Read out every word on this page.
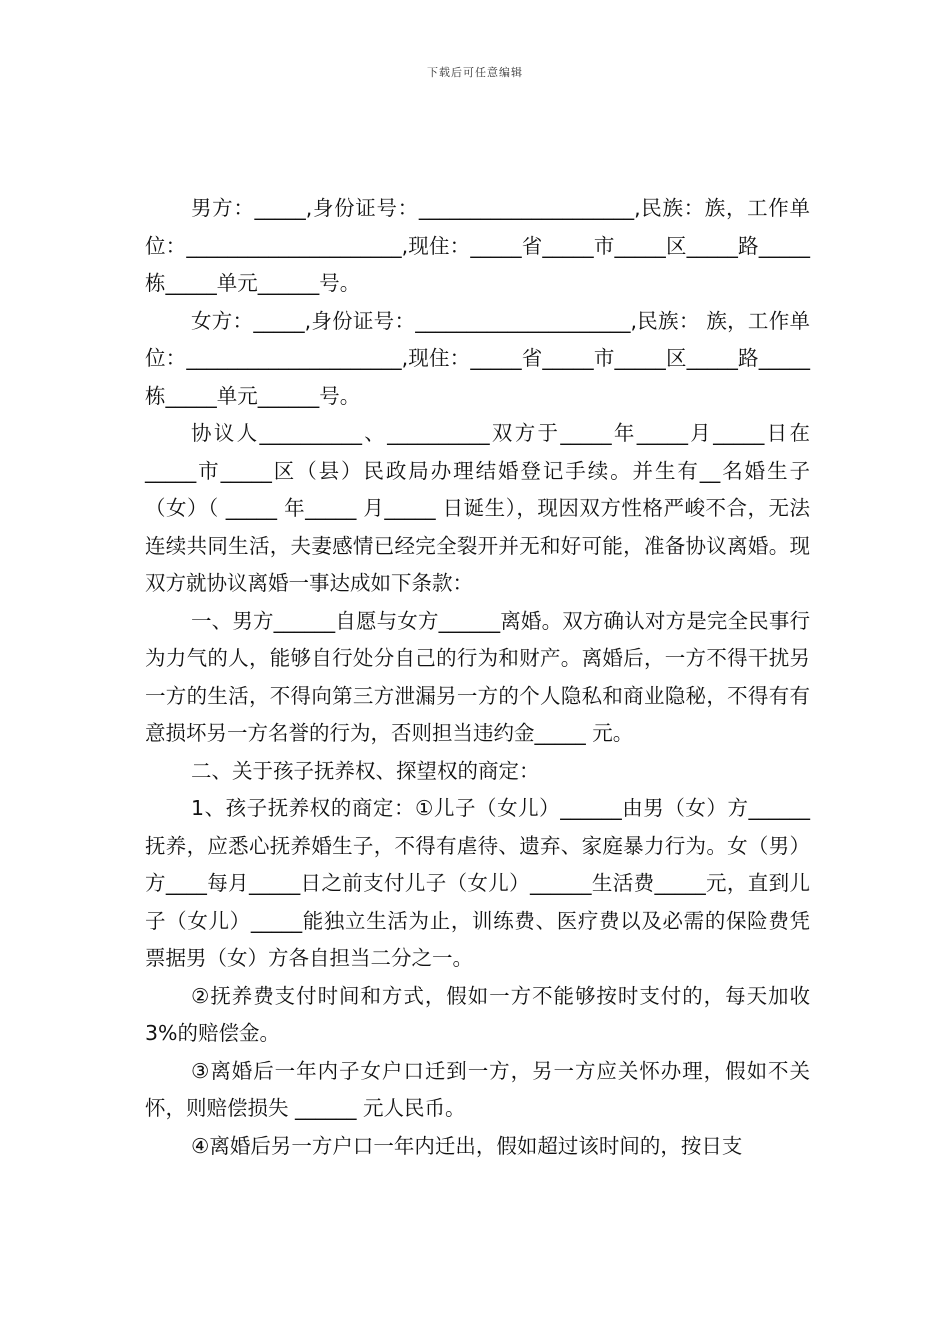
下载后可任意编辑

男方：_____,身份证号：_____________________,民族：族，工作单位：_____________________,现住：_____省_____市_____区_____路_____栋_____单元______号。

女方：_____,身份证号：_____________________,民族： 族，工作单位：_____________________,现住：_____省_____市_____区_____路_____栋_____单元______号。

协议人__________、__________双方于_____年_____月_____日在_____市_____区（县）民政局办理结婚登记手续。并生有__名婚生子（女）（ _____ 年_____ 月_____ 日诞生），现因双方性格严峻不合，无法连续共同生活，夫妻感情已经完全裂开并无和好可能，准备协议离婚。现双方就协议离婚一事达成如下条款：

一、男方______自愿与女方______离婚。双方确认对方是完全民事行为力气的人，能够自行处分自己的行为和财产。离婚后，一方不得干扰另一方的生活，不得向第三方泄漏另一方的个人隐私和商业隐秘，不得有有意损坏另一方名誉的行为，否则担当违约金_____ 元。

二、关于孩子抚养权、探望权的商定：

1、孩子抚养权的商定：①儿子（女儿）______由男（女）方______抚养，应悉心抚养婚生子，不得有虐待、遗弃、家庭暴力行为。女（男）方____每月_____日之前支付儿子（女儿）______生活费_____元，直到儿子（女儿）_____能独立生活为止，训练费、医疗费以及必需的保险费凭票据男（女）方各自担当二分之一。

②抚养费支付时间和方式，假如一方不能够按时支付的，每天加收 3%的赔偿金。

③离婚后一年内子女户口迁到一方，另一方应关怀办理，假如不关怀，则赔偿损失 ______ 元人民币。

④离婚后另一方户口一年内迁出，假如超过该时间的，按日支
